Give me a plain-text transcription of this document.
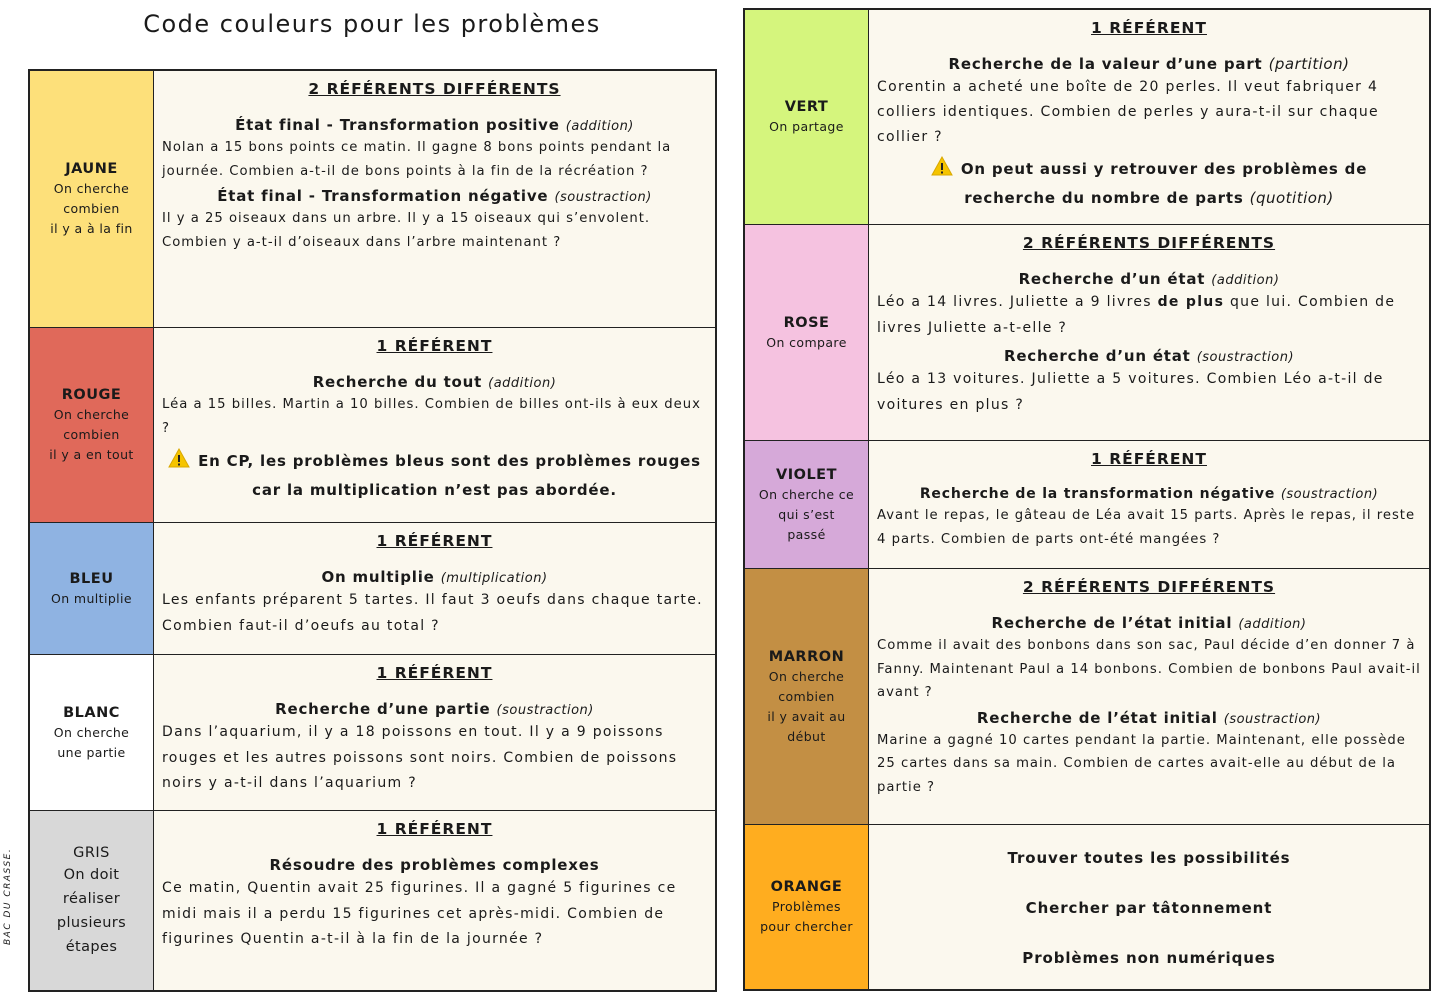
Code couleurs pour les problèmes
JAUNE
On cherche
combien
il y a à la fin
2 RÉFÉRENTS DIFFÉRENTS
État final - Transformation positive (addition)
Nolan a 15 bons points ce matin. Il gagne 8 bons points pendant la journée. Combien a-t-il de bons points à la fin de la récréation ?
État final - Transformation négative (soustraction)
Il y a 25 oiseaux dans un arbre. Il y a 15 oiseaux qui s’envolent. Combien y a-t-il d’oiseaux dans l’arbre maintenant ?
ROUGE
On cherche
combien
il y a en tout
1 RÉFÉRENT
Recherche du tout (addition)
Léa a 15 billes. Martin a 10 billes. Combien de billes ont-ils à eux deux ?
En CP, les problèmes bleus sont des problèmes rouges
car la multiplication n’est pas abordée.
BLEU
On multiplie
1 RÉFÉRENT
On multiplie (multiplication)
Les enfants préparent 5 tartes. Il faut 3 oeufs dans chaque tarte. Combien faut-il d’oeufs au total ?
BLANC
On cherche
une partie
1 RÉFÉRENT
Recherche d’une partie (soustraction)
Dans l’aquarium, il y a 18 poissons en tout. Il y a 9 poissons rouges et les autres poissons sont noirs. Combien de poissons noirs y a-t-il dans l’aquarium ?
GRIS
On doit
réaliser
plusieurs
étapes
1 RÉFÉRENT
Résoudre des problèmes complexes
Ce matin, Quentin avait 25 figurines. Il a gagné 5 figurines ce midi mais il a perdu 15 figurines cet après-midi. Combien de figurines Quentin a-t-il à la fin de la journée ?
VERT
On partage
1 RÉFÉRENT
Recherche de la valeur d’une part (partition)
Corentin a acheté une boîte de 20 perles. Il veut fabriquer 4 colliers identiques. Combien de perles y aura-t-il sur chaque collier ?
On peut aussi y retrouver des problèmes de
recherche du nombre de parts (quotition)
ROSE
On compare
2 RÉFÉRENTS DIFFÉRENTS
Recherche d’un état (addition)
Léo a 14 livres. Juliette a 9 livres de plus que lui. Combien de livres Juliette a-t-elle ?
Recherche d’un état (soustraction)
Léo a 13 voitures. Juliette a 5 voitures. Combien Léo a-t-il de voitures en plus ?
VIOLET
On cherche ce
qui s’est
passé
1 RÉFÉRENT
Recherche de la transformation négative (soustraction)
Avant le repas, le gâteau de Léa avait 15 parts. Après le repas, il reste 4 parts. Combien de parts ont-été mangées ?
MARRON
On cherche
combien
il y avait au
début
2 RÉFÉRENTS DIFFÉRENTS
Recherche de l’état initial (addition)
Comme il avait des bonbons dans son sac, Paul décide d’en donner 7 à Fanny. Maintenant Paul a 14 bonbons. Combien de bonbons Paul avait-il avant ?
Recherche de l’état initial (soustraction)
Marine a gagné 10 cartes pendant la partie. Maintenant, elle possède 25 cartes dans sa main. Combien de cartes avait-elle au début de la partie ?
ORANGE
Problèmes
pour chercher
Trouver toutes les possibilités
Chercher par tâtonnement
Problèmes non numériques
BAC DU CRASSE.
